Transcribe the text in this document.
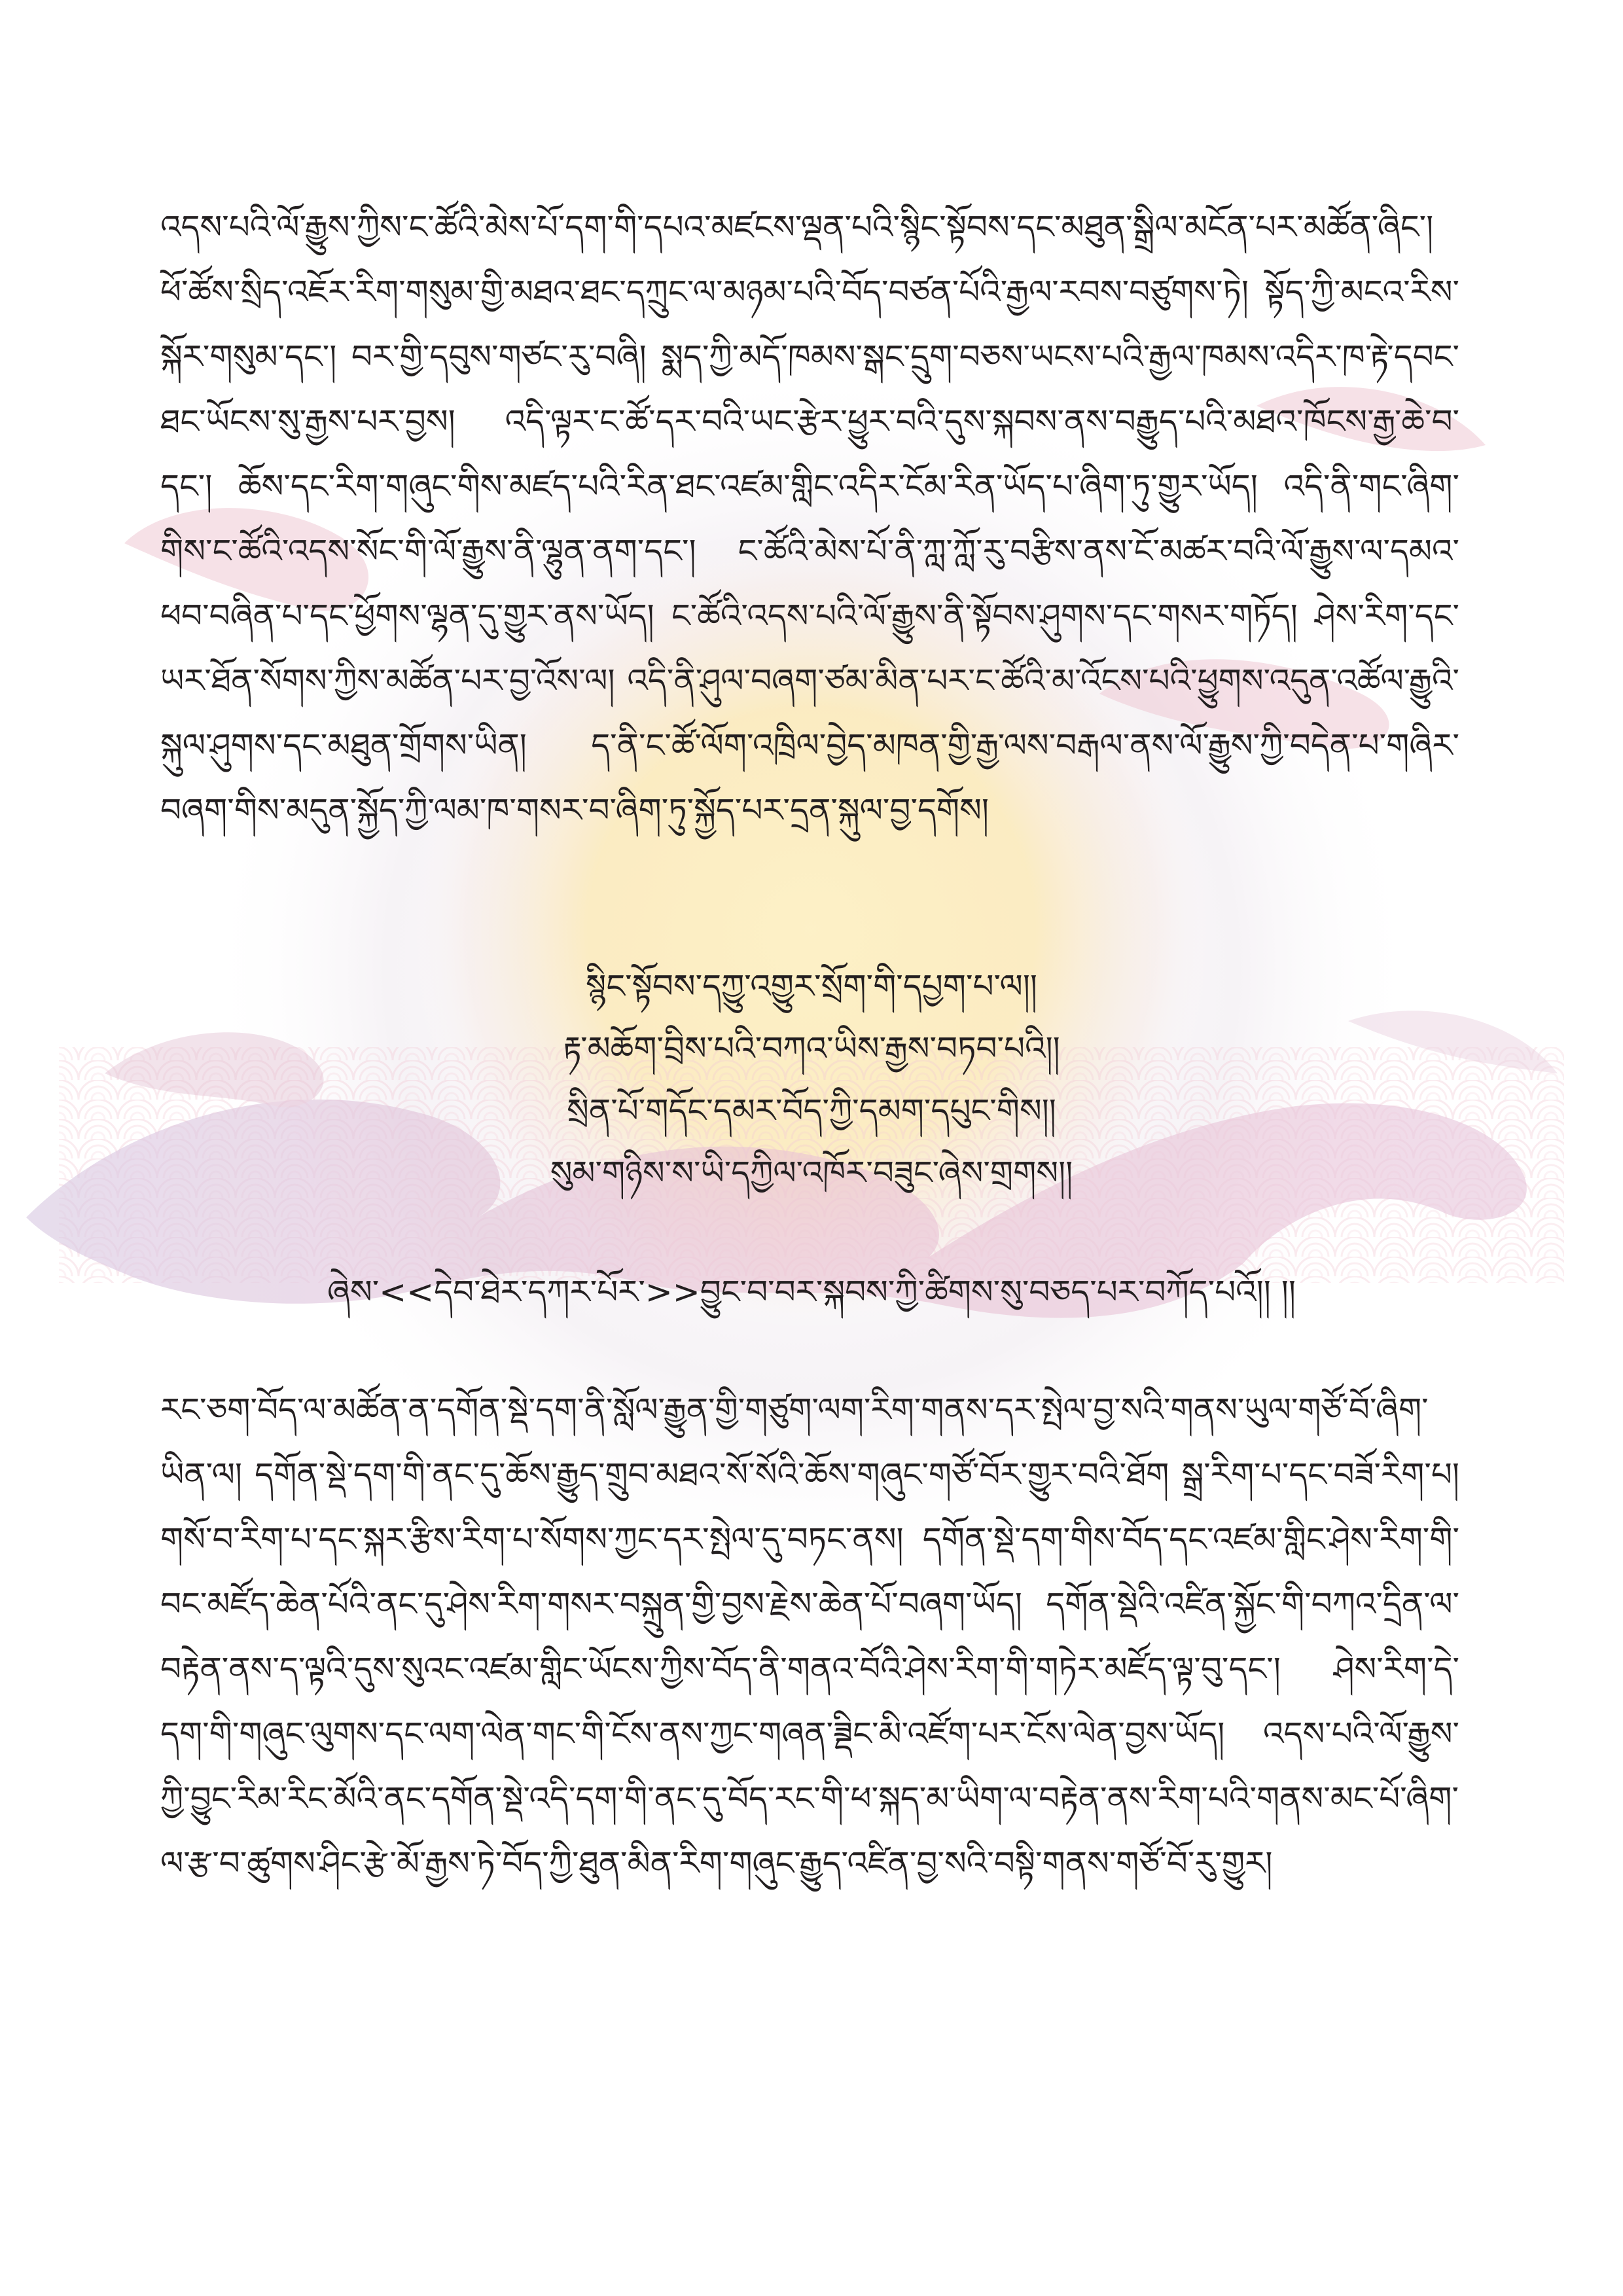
འདས་པའི་ལོ་རྒྱུས་ཀྱིས་ང་ཚོའི་མེས་པོ་དག་གི་དཔའ་མཛངས་ལྡན་པའི་སྙིང་སྟོབས་དང་མཐུན་སྒྲིལ་མངོན་པར་མཚོན་ཞིང་། ཕོ་ཚོས་སྲིད་འཇོར་རིག་གསུམ་གྱི་མཐའ་ཐང་དཀྲུང་ལ་མཉམ་པའི་བོད་བཙན་པོའི་རྒྱལ་རབས་བཙུགས་ཏེ། སྟོད་ཀྱི་མངའ་རིས་སྐོར་གསུམ་དང་། བར་གྱི་དབུས་གཙང་རུ་བཞི། སྨད་ཀྱི་མདོ་ཁམས་སྒང་དྲུག་བཅས་ཡངས་པའི་རྒྱལ་ཁམས་འདིར་ཁ་རྟེ་དབང་ཐང་ཡོངས་སུ་རྒྱས་པར་བྱས། འདི་ལྟར་ང་ཚོ་དར་བའི་ཡང་རྩེར་ཕྱུར་བའི་དུས་སྐབས་ནས་བརྒྱུད་པའི་མཐའ་ཁོངས་རྒྱ་ཆེ་བ་དང་། ཆོས་དང་རིག་གཞུང་གིས་མཛད་པའི་རིན་ཐང་འཛམ་གླིང་འདིར་ངོམ་རིན་ཡོད་པ་ཞིག་ཏུ་གྱུར་ཡོད། འདི་ནི་གང་ཞིག་གིས་ང་ཚོའི་འདས་སོང་གི་ལོ་རྒྱུས་ནི་ལྷུན་ནག་དང་། ང་ཚོའི་མེས་པོ་ནི་ཀླ་ཀློ་རུ་བརྩིས་ནས་ངོ་མཚར་བའི་ལོ་རྒྱུས་ལ་དམའ་ཕབ་བཞིན་པ་དང་ཕྱོགས་ལྷན་དུ་གྱུར་ནས་ཡོད། ང་ཚོའི་འདས་པའི་ལོ་རྒྱུས་ནི་སྟོབས་ཤུགས་དང་གསར་གཏོད། ཤེས་རིག་དང་ཡར་ཐོན་སོགས་ཀྱིས་མཚོན་པར་བྱ་འོས་ལ། འདི་ནི་ཤུལ་བཞག་ཙམ་མིན་པར་ང་ཚོའི་མ་འོངས་པའི་ཕྱུགས་འདུན་འཚོལ་རྒྱུའི་སྐུལ་ཤུགས་དང་མཐུན་གྲོགས་ཡིན། ད་ནི་ང་ཚོ་ལོག་འཁྲིལ་བྱེད་མཁན་གྱི་རྒྱ་ལས་བརྒལ་ནས་ལོ་རྒྱུས་ཀྱི་བདེན་པ་གཞིར་བཞག་གིས་མདུན་སྐྱོད་ཀྱི་ལམ་ཁ་གསར་བ་ཞིག་ཏུ་སྐྱོད་པར་དྲན་སྐུལ་བྱ་དགོས།

སྙིང་སྟོབས་དཀྱུ་འགྱུར་སྲོག་གི་དཔྱག་པ་ལ།།
རྟ་མཆོག་བྲིས་པའི་བཀའ་ཡིས་རྒྱས་བཏབ་པའི།།
སྲིན་པོ་གདོང་དམར་བོད་ཀྱི་དམག་དཔུང་གིས།།
སུམ་གཉིས་ས་ཡི་དཀྱིལ་འཁོར་བཟུང་ཞེས་གྲགས།།
ཞེས་<<དེབ་ཐེར་དཀར་པོར་>>བྱུང་བ་བར་སྐབས་ཀྱི་ཚིགས་སུ་བཅད་པར་བཀོད་པའོ།། །།

རང་ཅག་བོད་ལ་མཚོན་ན་དགོན་སྡེ་དག་ནི་སློལ་རྒྱུན་གྱི་གཙུག་ལག་རིག་གནས་དར་སྤེལ་བྱ་སའི་གནས་ཡུལ་གཙོ་བོ་ཞིག་ཡིན་ལ། དགོན་སྡེ་དག་གི་ནང་དུ་ཆོས་རྒྱུད་གྲུབ་མཐའ་སོ་སོའི་ཆོས་གཞུང་གཙོ་བོར་གྱུར་བའི་ཐོག སྒྲ་རིག་པ་དང་བཟོ་རིག་པ། གསོ་བ་རིག་པ་དང་སྐར་རྩིས་རིག་པ་སོགས་ཀྱང་དར་སྤེལ་དུ་བཏང་ནས། དགོན་སྡེ་དག་གིས་བོད་དང་འཛམ་གླིང་ཤེས་རིག་གི་བང་མཛོད་ཆེན་པོའི་ནང་དུ་ཤེས་རིག་གསར་བསྐྲུན་གྱི་བྱས་རྗེས་ཆེན་པོ་བཞག་ཡོད། དགོན་སྡེའི་འཛིན་སྐྱོང་གི་བཀའ་དྲིན་ལ་བརྟེན་ནས་ད་ལྟའི་དུས་སུའང་འཛམ་གླིང་ཡོངས་ཀྱིས་བོད་ནི་གནའ་བོའི་ཤེས་རིག་གི་གཏེར་མཛོད་ལྟ་བུ་དང་། ཤེས་རིག་དེ་དག་གི་གཞུང་ལུགས་དང་ལག་ལེན་གང་གི་ངོས་ནས་ཀྱང་གཞན་ཟྡིང་མི་འཛོག་པར་ངོས་ལེན་བྱས་ཡོད། འདས་པའི་ལོ་རྒྱུས་ཀྱི་བྱུང་རིམ་རིང་མོའི་ནང་དགོན་སྡེ་འདི་དག་གི་ནང་དུ་བོད་རང་གི་ཕ་སྐད་མ་ཡིག་ལ་བརྟེན་ནས་རིག་པའི་གནས་མང་པོ་ཞིག་ལ་རྩ་བ་ཚུགས་ཤིང་རྩེ་མོ་རྒྱས་ཏེ་བོད་ཀྱི་ཐུན་མིན་རིག་གཞུང་རྒྱུད་འཛིན་བྱ་སའི་བསྟི་གནས་གཙོ་བོ་རུ་གྱུར།
